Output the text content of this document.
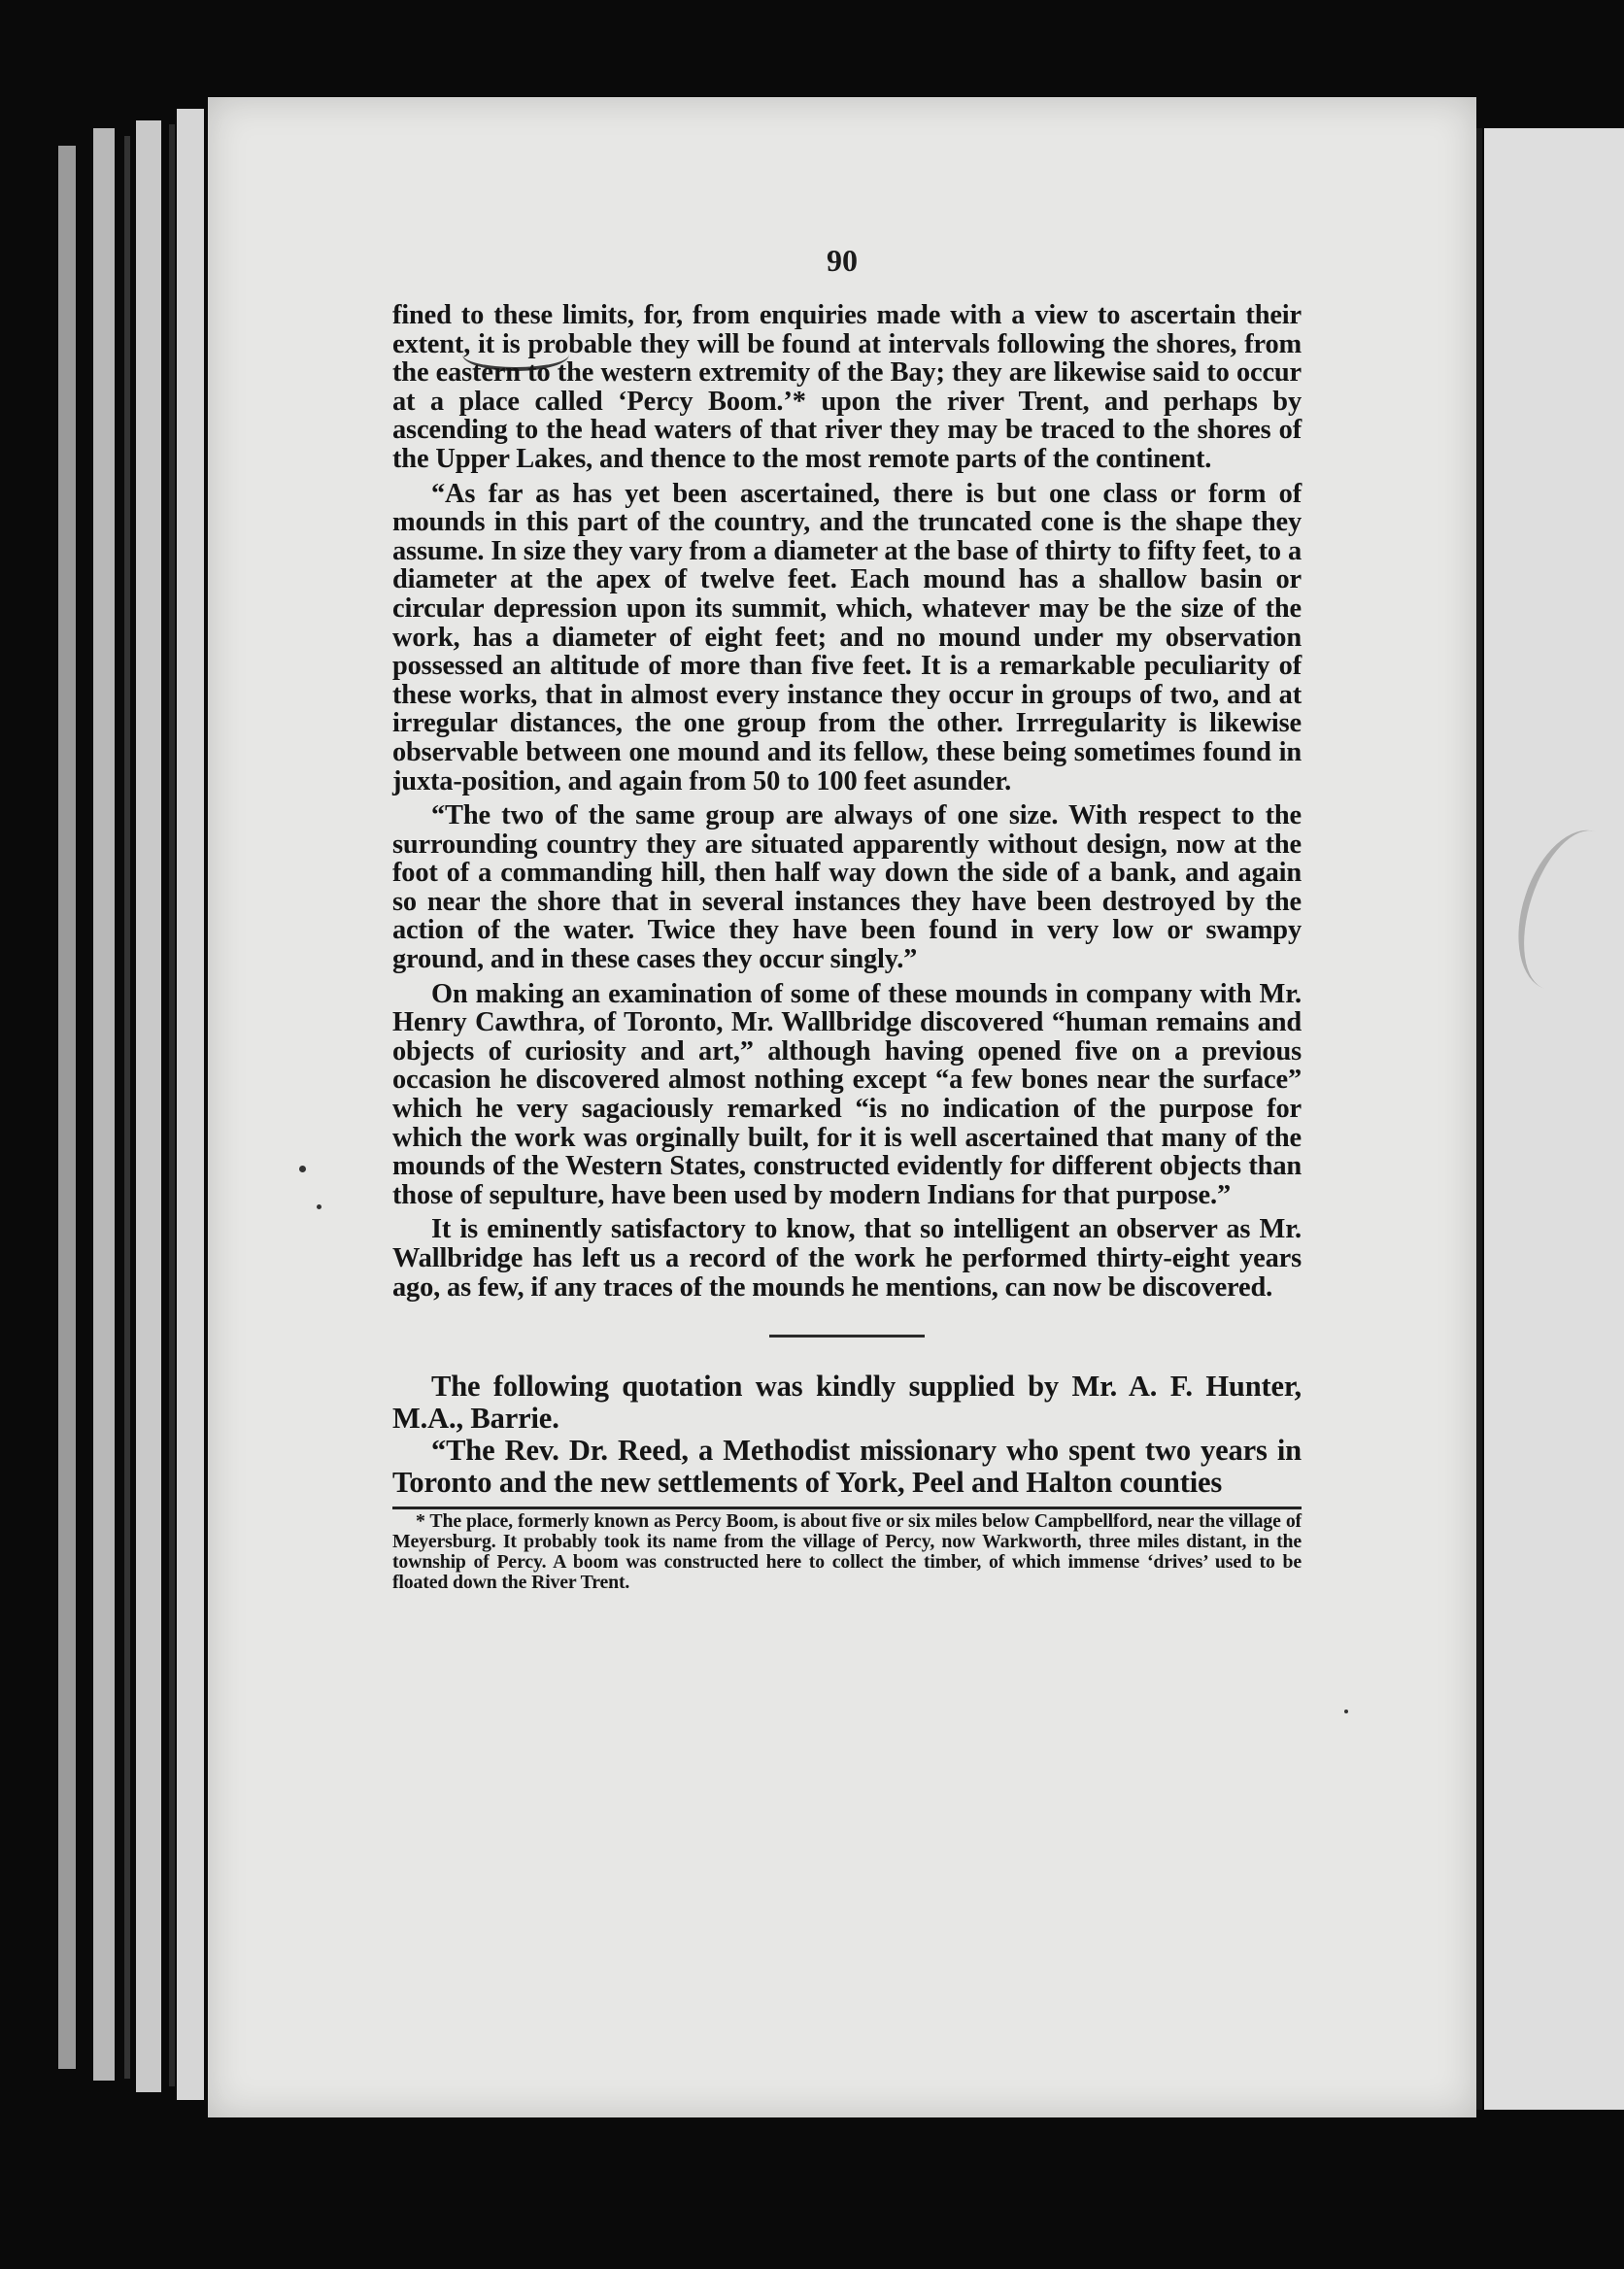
90

fined to these limits, for, from enquiries made with a view to ascertain their extent, it is probable they will be found at intervals following the shores, from the eastern to the western extremity of the Bay; they are likewise said to occur at a place called ‘Percy Boom.’* upon the river Trent, and perhaps by ascending to the head waters of that river they may be traced to the shores of the Upper Lakes, and thence to the most remote parts of the continent.

“As far as has yet been ascertained, there is but one class or form of mounds in this part of the country, and the truncated cone is the shape they assume. In size they vary from a diameter at the base of thirty to fifty feet, to a diameter at the apex of twelve feet. Each mound has a shallow basin or circular depression upon its summit, which, whatever may be the size of the work, has a diameter of eight feet; and no mound under my observation possessed an altitude of more than five feet. It is a remarkable peculiarity of these works, that in almost every instance they occur in groups of two, and at irregular distances, the one group from the other. Irrregularity is likewise observable between one mound and its fellow, these being sometimes found in juxta-position, and again from 50 to 100 feet asunder.

“The two of the same group are always of one size. With respect to the surrounding country they are situated apparently without design, now at the foot of a commanding hill, then half way down the side of a bank, and again so near the shore that in several instances they have been destroyed by the action of the water. Twice they have been found in very low or swampy ground, and in these cases they occur singly.”

On making an examination of some of these mounds in company with Mr. Henry Cawthra, of Toronto, Mr. Wallbridge discovered “human remains and objects of curiosity and art,” although having opened five on a previous occasion he discovered almost nothing except “a few bones near the surface” which he very sagaciously remarked “is no indication of the purpose for which the work was orginally built, for it is well ascertained that many of the mounds of the Western States, constructed evidently for different objects than those of sepulture, have been used by modern Indians for that purpose.”

It is eminently satisfactory to know, that so intelligent an observer as Mr. Wallbridge has left us a record of the work he performed thirty-eight years ago, as few, if any traces of the mounds he mentions, can now be discovered.

The following quotation was kindly supplied by Mr. A. F. Hunter, M.A., Barrie.

“The Rev. Dr. Reed, a Methodist missionary who spent two years in Toronto and the new settlements of York, Peel and Halton counties

* The place, formerly known as Percy Boom, is about five or six miles below Campbellford, near the village of Meyersburg. It probably took its name from the village of Percy, now Warkworth, three miles distant, in the township of Percy. A boom was constructed here to collect the timber, of which immense ‘drives’ used to be floated down the River Trent.
